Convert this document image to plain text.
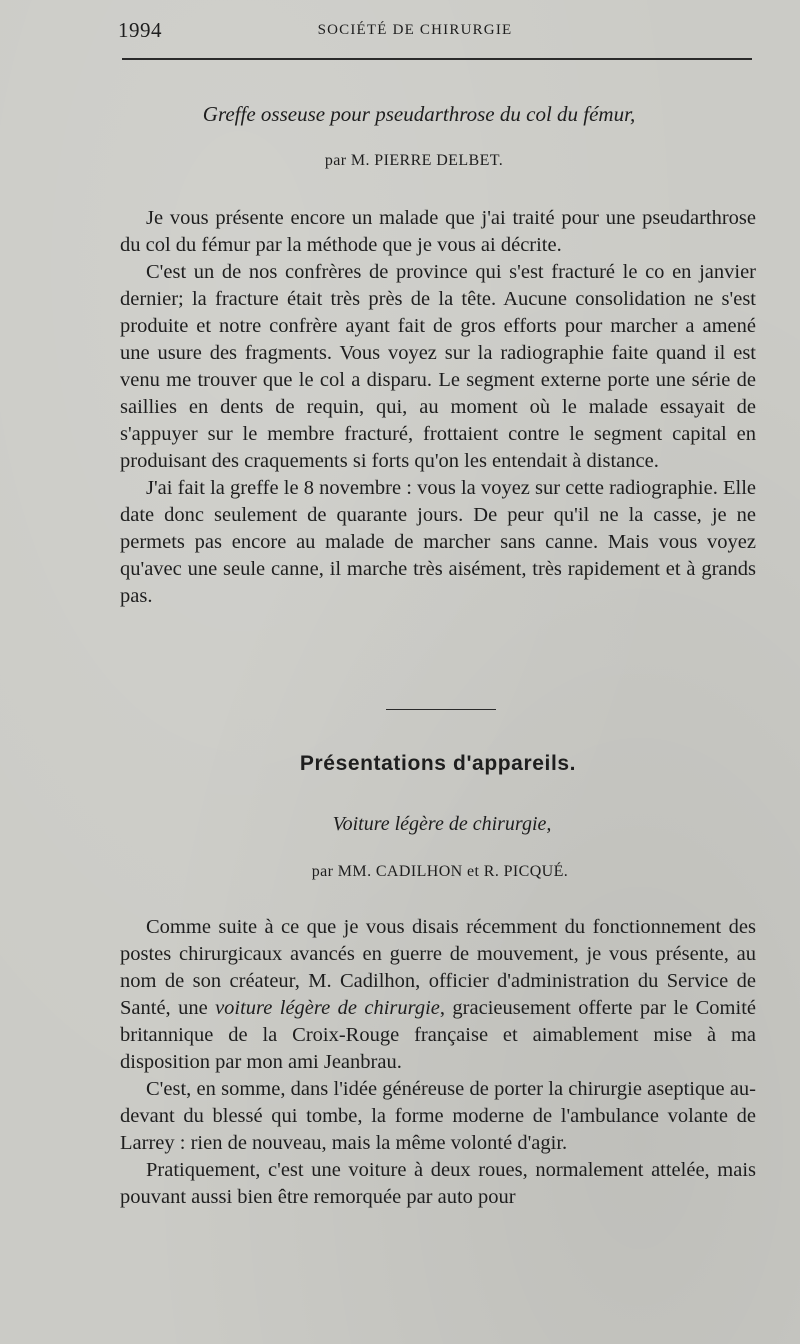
1994	SOCIÉTÉ DE CHIRURGIE
Greffe osseuse pour pseudarthrose du col du fémur,
par M. PIERRE DELBET.

Je vous présente encore un malade que j'ai traité pour une pseudarthrose du col du fémur par la méthode que je vous ai décrite.

C'est un de nos confrères de province qui s'est fracturé le co en janvier dernier; la fracture était très près de la tête. Aucune consolidation ne s'est produite et notre confrère ayant fait de gros efforts pour marcher a amené une usure des fragments. Vous voyez sur la radiographie faite quand il est venu me trouver que le col a disparu. Le segment externe porte une série de saillies en dents de requin, qui, au moment où le malade essayait de s'appuyer sur le membre fracturé, frottaient contre le segment capital en produisant des craquements si forts qu'on les entendait à distance.

J'ai fait la greffe le 8 novembre : vous la voyez sur cette radiographie. Elle date donc seulement de quarante jours. De peur qu'il ne la casse, je ne permets pas encore au malade de marcher sans canne. Mais vous voyez qu'avec une seule canne, il marche très aisément, très rapidement et à grands pas.

Présentations d'appareils.
Voiture légère de chirurgie,
par MM. CADILHON et R. PICQUÉ.

Comme suite à ce que je vous disais récemment du fonctionnement des postes chirurgicaux avancés en guerre de mouvement, je vous présente, au nom de son créateur, M. Cadilhon, officier d'administration du Service de Santé, une voiture légère de chirurgie, gracieusement offerte par le Comité britannique de la Croix-Rouge française et aimablement mise à ma disposition par mon ami Jeanbrau.

C'est, en somme, dans l'idée généreuse de porter la chirurgie aseptique au-devant du blessé qui tombe, la forme moderne de l'ambulance volante de Larrey : rien de nouveau, mais la même volonté d'agir.

Pratiquement, c'est une voiture à deux roues, normalement attelée, mais pouvant aussi bien être remorquée par auto pour
